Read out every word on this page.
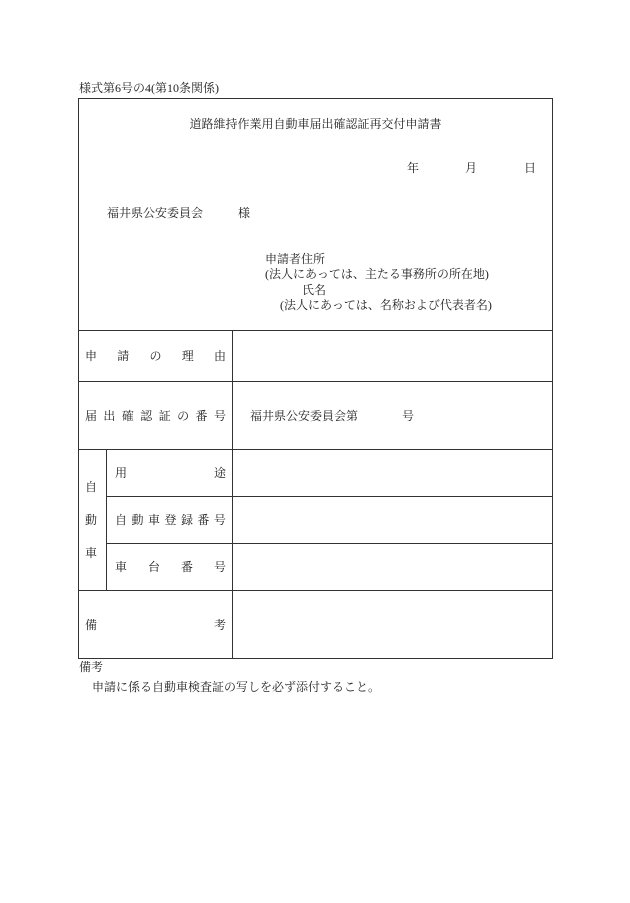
様式第6号の4(第10条関係)
道路維持作業用自動車届出確認証再交付申請書
年	月	日
福井県公安委員会	様
申請者住所
(法人にあっては、主たる事務所の所在地)
氏名
(法人にあっては、名称および代表者名)
申 請 の 理 由
届 出 確 認 証 の 番 号 福井県公安委員会第	号
自
動
車
用	途
自 動 車 登 録 番 号
車 台 番 号
備	考
備考
申請に係る自動車検査証の写しを必ず添付すること。
